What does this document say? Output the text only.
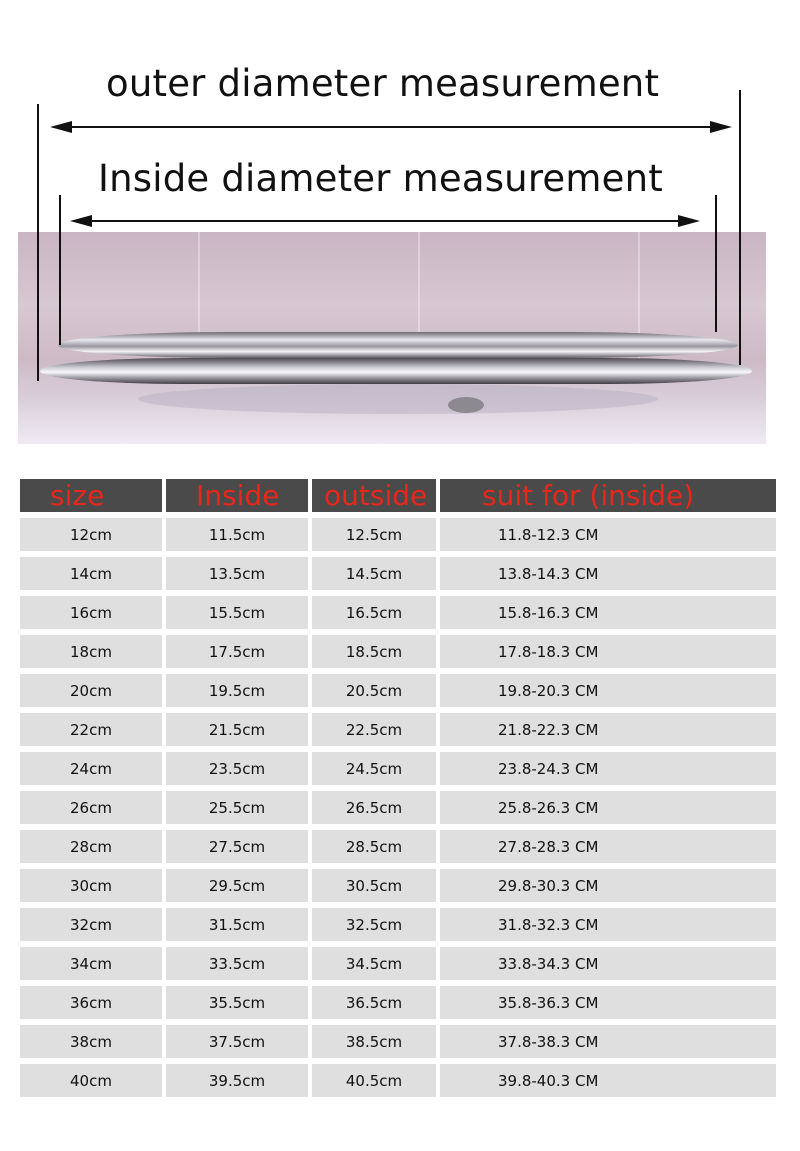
outer diameter measurement
Inside diameter measurement
size	Inside	outside	suit for (inside)
12cm	11.5cm	12.5cm	11.8-12.3 CM
14cm	13.5cm	14.5cm	13.8-14.3 CM
16cm	15.5cm	16.5cm	15.8-16.3 CM
18cm	17.5cm	18.5cm	17.8-18.3 CM
20cm	19.5cm	20.5cm	19.8-20.3 CM
22cm	21.5cm	22.5cm	21.8-22.3 CM
24cm	23.5cm	24.5cm	23.8-24.3 CM
26cm	25.5cm	26.5cm	25.8-26.3 CM
28cm	27.5cm	28.5cm	27.8-28.3 CM
30cm	29.5cm	30.5cm	29.8-30.3 CM
32cm	31.5cm	32.5cm	31.8-32.3 CM
34cm	33.5cm	34.5cm	33.8-34.3 CM
36cm	35.5cm	36.5cm	35.8-36.3 CM
38cm	37.5cm	38.5cm	37.8-38.3 CM
40cm	39.5cm	40.5cm	39.8-40.3 CM
